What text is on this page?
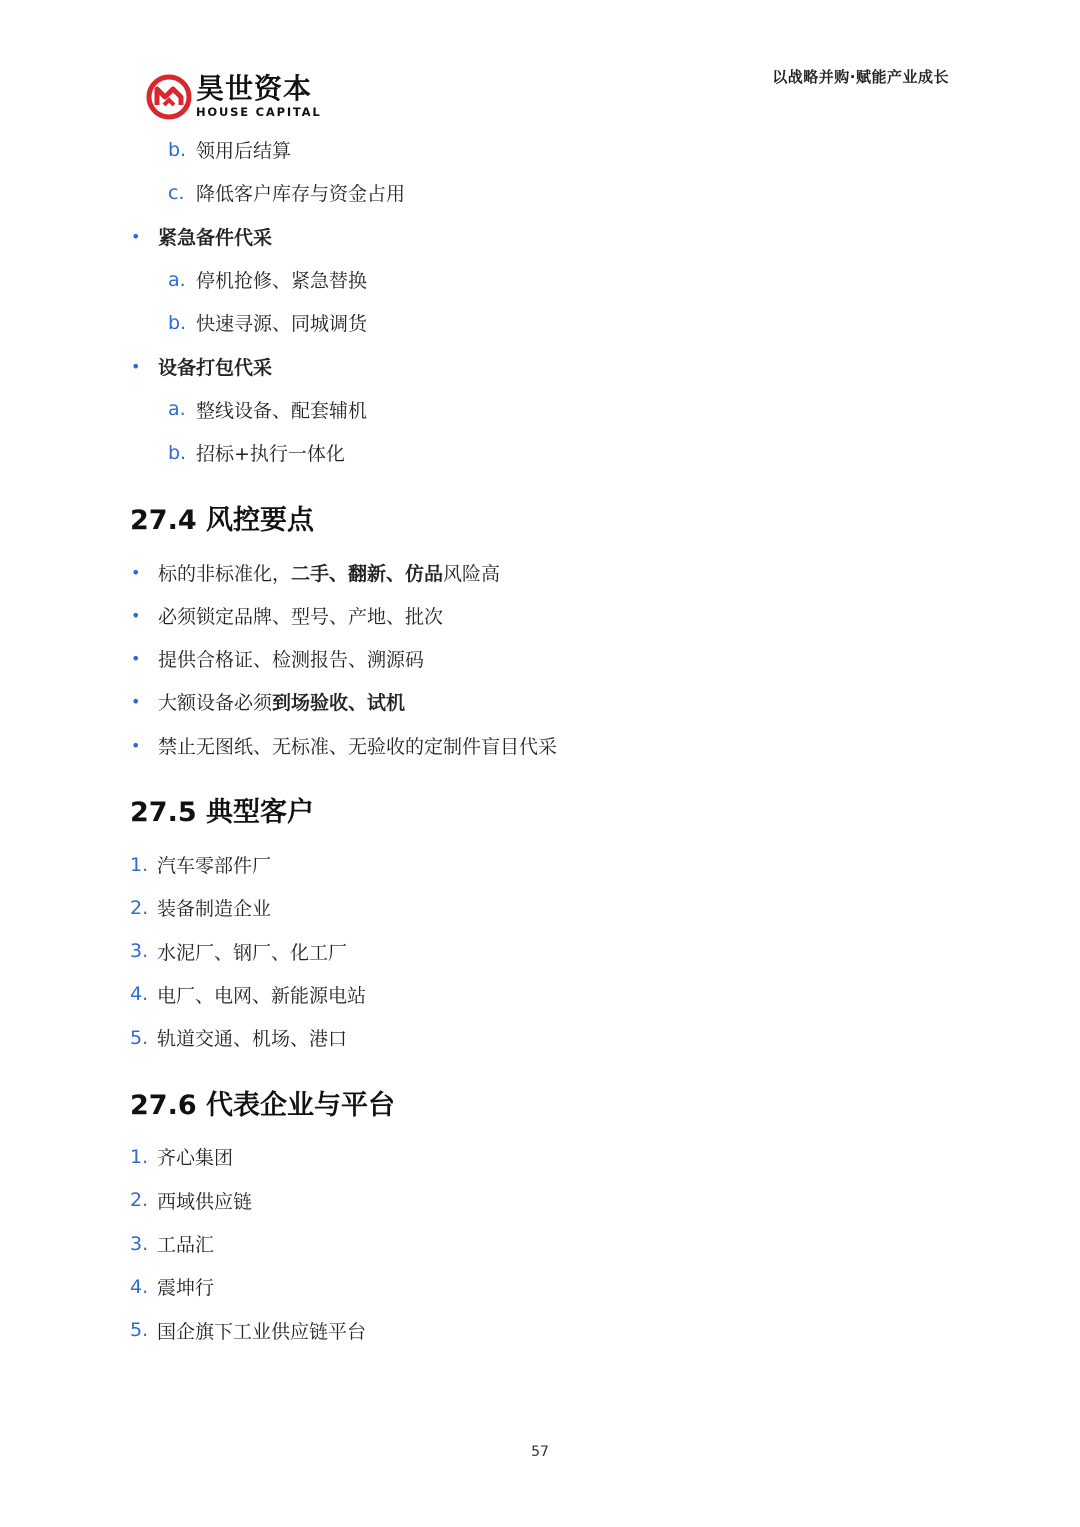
以战略并购·赋能产业成长
昊世资本
HOUSE CAPITAL
b. 领用后结算
c. 降低客户库存与资金占用
• 紧急备件代采
a. 停机抢修、紧急替换
b. 快速寻源、同城调货
• 设备打包代采
a. 整线设备、配套辅机
b. 招标+执行一体化
27.4 风控要点
• 标的非标准化，二手、翻新、仿品风险高
• 必须锁定品牌、型号、产地、批次
• 提供合格证、检测报告、溯源码
• 大额设备必须到场验收、试机
• 禁止无图纸、无标准、无验收的定制件盲目代采
27.5 典型客户
1. 汽车零部件厂
2. 装备制造企业
3. 水泥厂、钢厂、化工厂
4. 电厂、电网、新能源电站
5. 轨道交通、机场、港口
27.6 代表企业与平台
1. 齐心集团
2. 西域供应链
3. 工品汇
4. 震坤行
5. 国企旗下工业供应链平台
57
